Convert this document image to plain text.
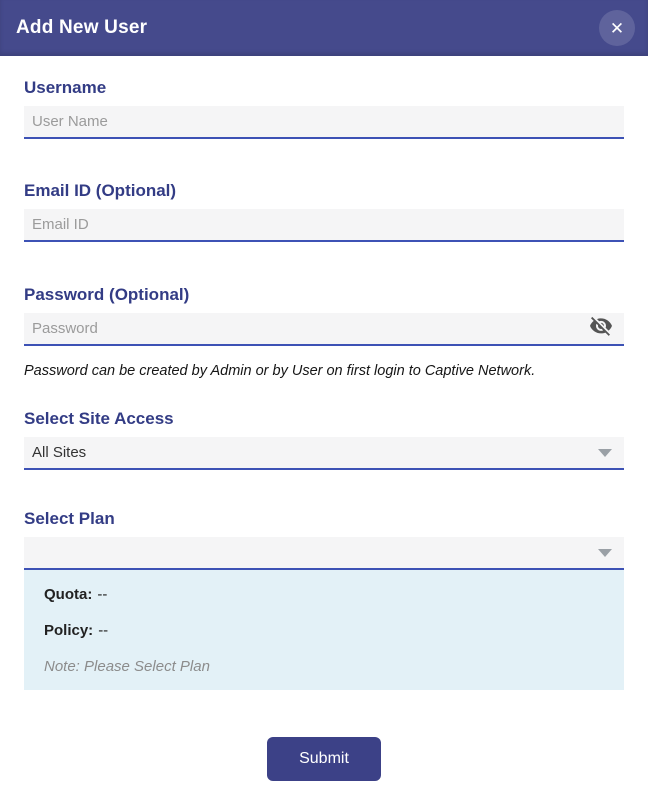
Add New User	✕
Username
User Name
Email ID (Optional)
Email ID
Password (Optional)
Password can be created by Admin or by User on first login to Captive Network.
Select Site Access
All Sites
Select Plan
Quota: --
Policy: --
Note: Please Select Plan
Submit
